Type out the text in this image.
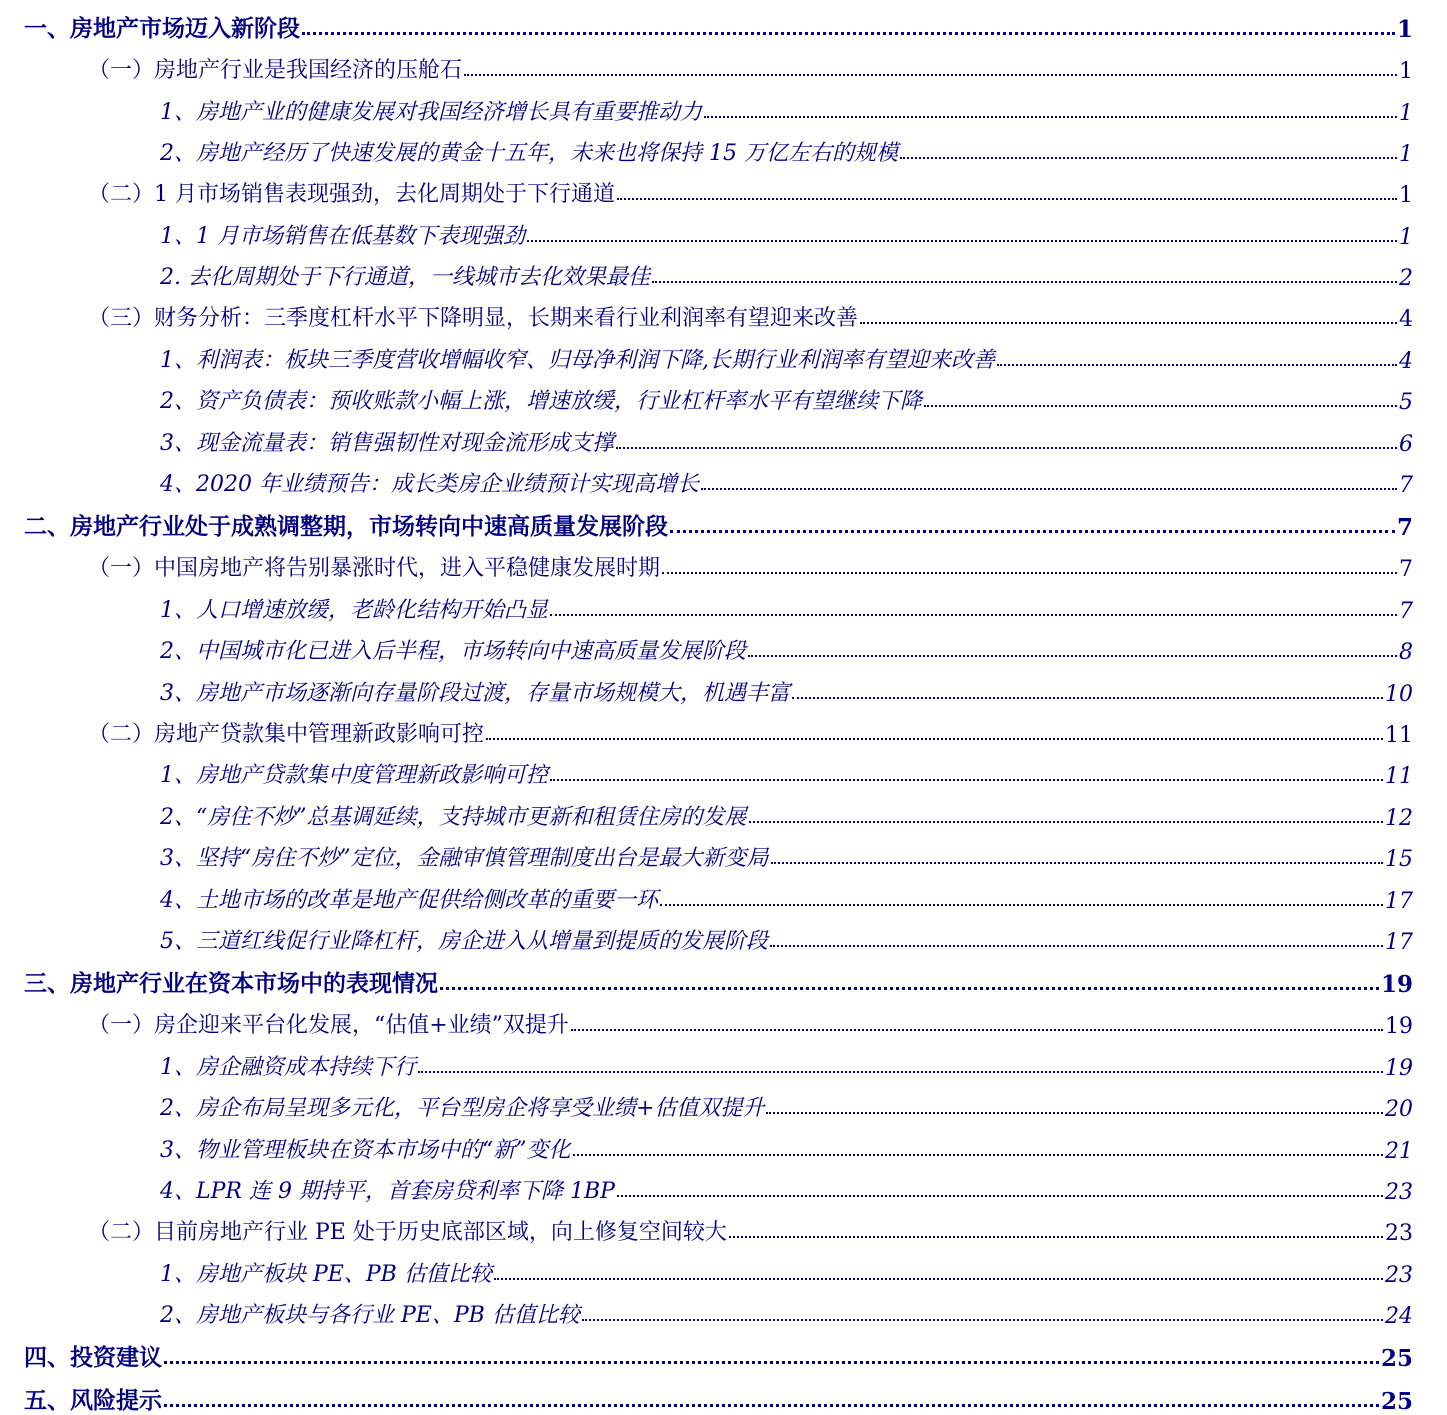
一、房地产市场迈入新阶段	1
（一）房地产行业是我国经济的压舱石	1
1、房地产业的健康发展对我国经济增长具有重要推动力	1
2、房地产经历了快速发展的黄金十五年，未来也将保持 15 万亿左右的规模	1
（二）1 月市场销售表现强劲，去化周期处于下行通道	1
1、1 月市场销售在低基数下表现强劲	1
2. 去化周期处于下行通道，一线城市去化效果最佳	2
（三）财务分析：三季度杠杆水平下降明显，长期来看行业利润率有望迎来改善	4
1、利润表：板块三季度营收增幅收窄、归母净利润下降,长期行业利润率有望迎来改善	4
2、资产负债表：预收账款小幅上涨，增速放缓，行业杠杆率水平有望继续下降	5
3、现金流量表：销售强韧性对现金流形成支撑	6
4、2020 年业绩预告：成长类房企业绩预计实现高增长	7
二、房地产行业处于成熟调整期，市场转向中速高质量发展阶段	7
（一）中国房地产将告别暴涨时代，进入平稳健康发展时期	7
1、人口增速放缓，老龄化结构开始凸显	7
2、中国城市化已进入后半程，市场转向中速高质量发展阶段	8
3、房地产市场逐渐向存量阶段过渡，存量市场规模大，机遇丰富	10
（二）房地产贷款集中管理新政影响可控	11
1、房地产贷款集中度管理新政影响可控	11
2、“房住不炒”总基调延续，支持城市更新和租赁住房的发展	12
3、坚持“房住不炒”定位，金融审慎管理制度出台是最大新变局	15
4、土地市场的改革是地产促供给侧改革的重要一环	17
5、三道红线促行业降杠杆，房企进入从增量到提质的发展阶段	17
三、房地产行业在资本市场中的表现情况	19
（一）房企迎来平台化发展，“估值+业绩”双提升	19
1、房企融资成本持续下行	19
2、房企布局呈现多元化，平台型房企将享受业绩+估值双提升	20
3、物业管理板块在资本市场中的“新”变化	21
4、LPR 连 9 期持平，首套房贷利率下降 1BP	23
（二）目前房地产行业 PE 处于历史底部区域，向上修复空间较大	23
1、房地产板块 PE、PB 估值比较	23
2、房地产板块与各行业 PE、PB 估值比较	24
四、投资建议	25
五、风险提示	25
